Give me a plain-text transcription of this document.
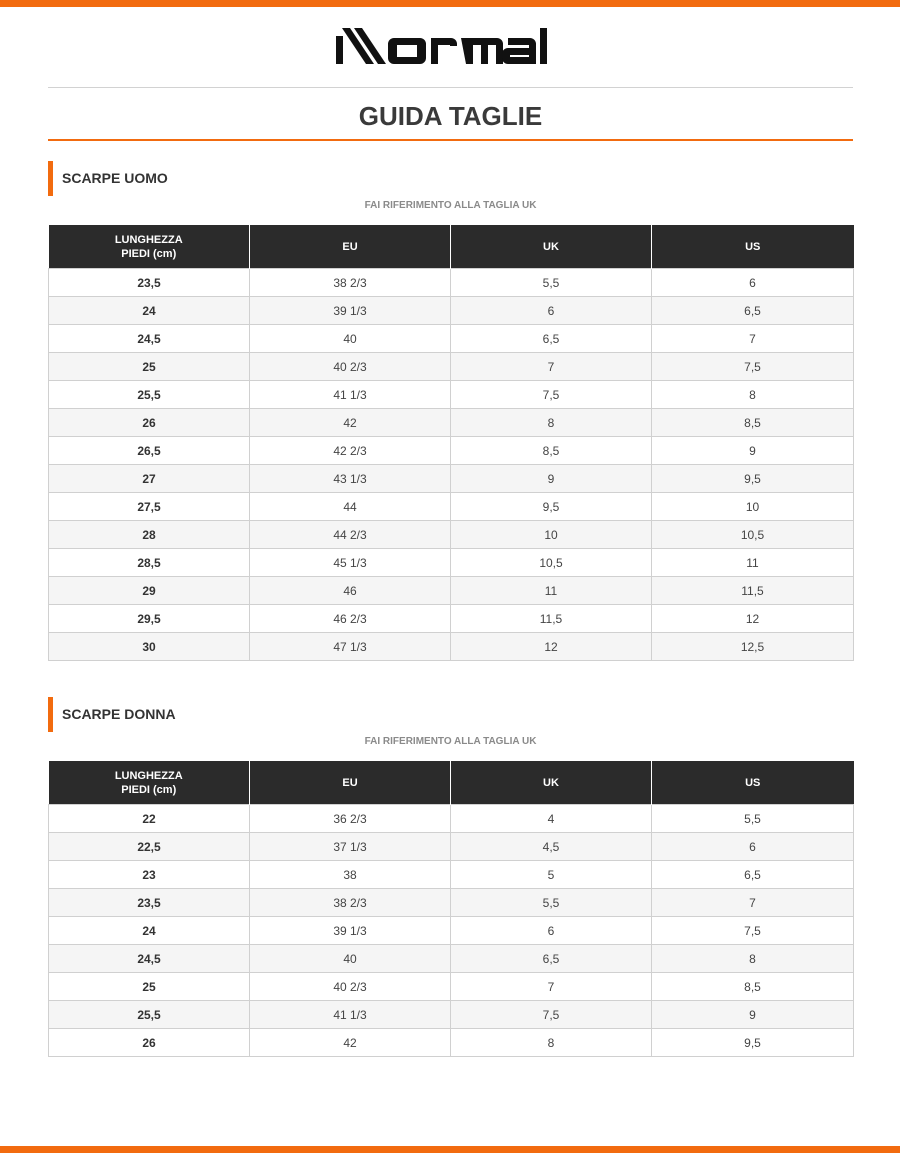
GUIDA TAGLIE
SCARPE UOMO
FAI RIFERIMENTO ALLA TAGLIA UK
LUNGHEZZA
PIEDI (cm)	EU	UK	US
23,5	38 2/3	5,5	6
24	39 1/3	6	6,5
24,5	40	6,5	7
25	40 2/3	7	7,5
25,5	41 1/3	7,5	8
26	42	8	8,5
26,5	42 2/3	8,5	9
27	43 1/3	9	9,5
27,5	44	9,5	10
28	44 2/3	10	10,5
28,5	45 1/3	10,5	11
29	46	11	11,5
29,5	46 2/3	11,5	12
30	47 1/3	12	12,5
SCARPE DONNA
FAI RIFERIMENTO ALLA TAGLIA UK
LUNGHEZZA
PIEDI (cm)	EU	UK	US
22	36 2/3	4	5,5
22,5	37 1/3	4,5	6
23	38	5	6,5
23,5	38 2/3	5,5	7
24	39 1/3	6	7,5
24,5	40	6,5	8
25	40 2/3	7	8,5
25,5	41 1/3	7,5	9
26	42	8	9,5
